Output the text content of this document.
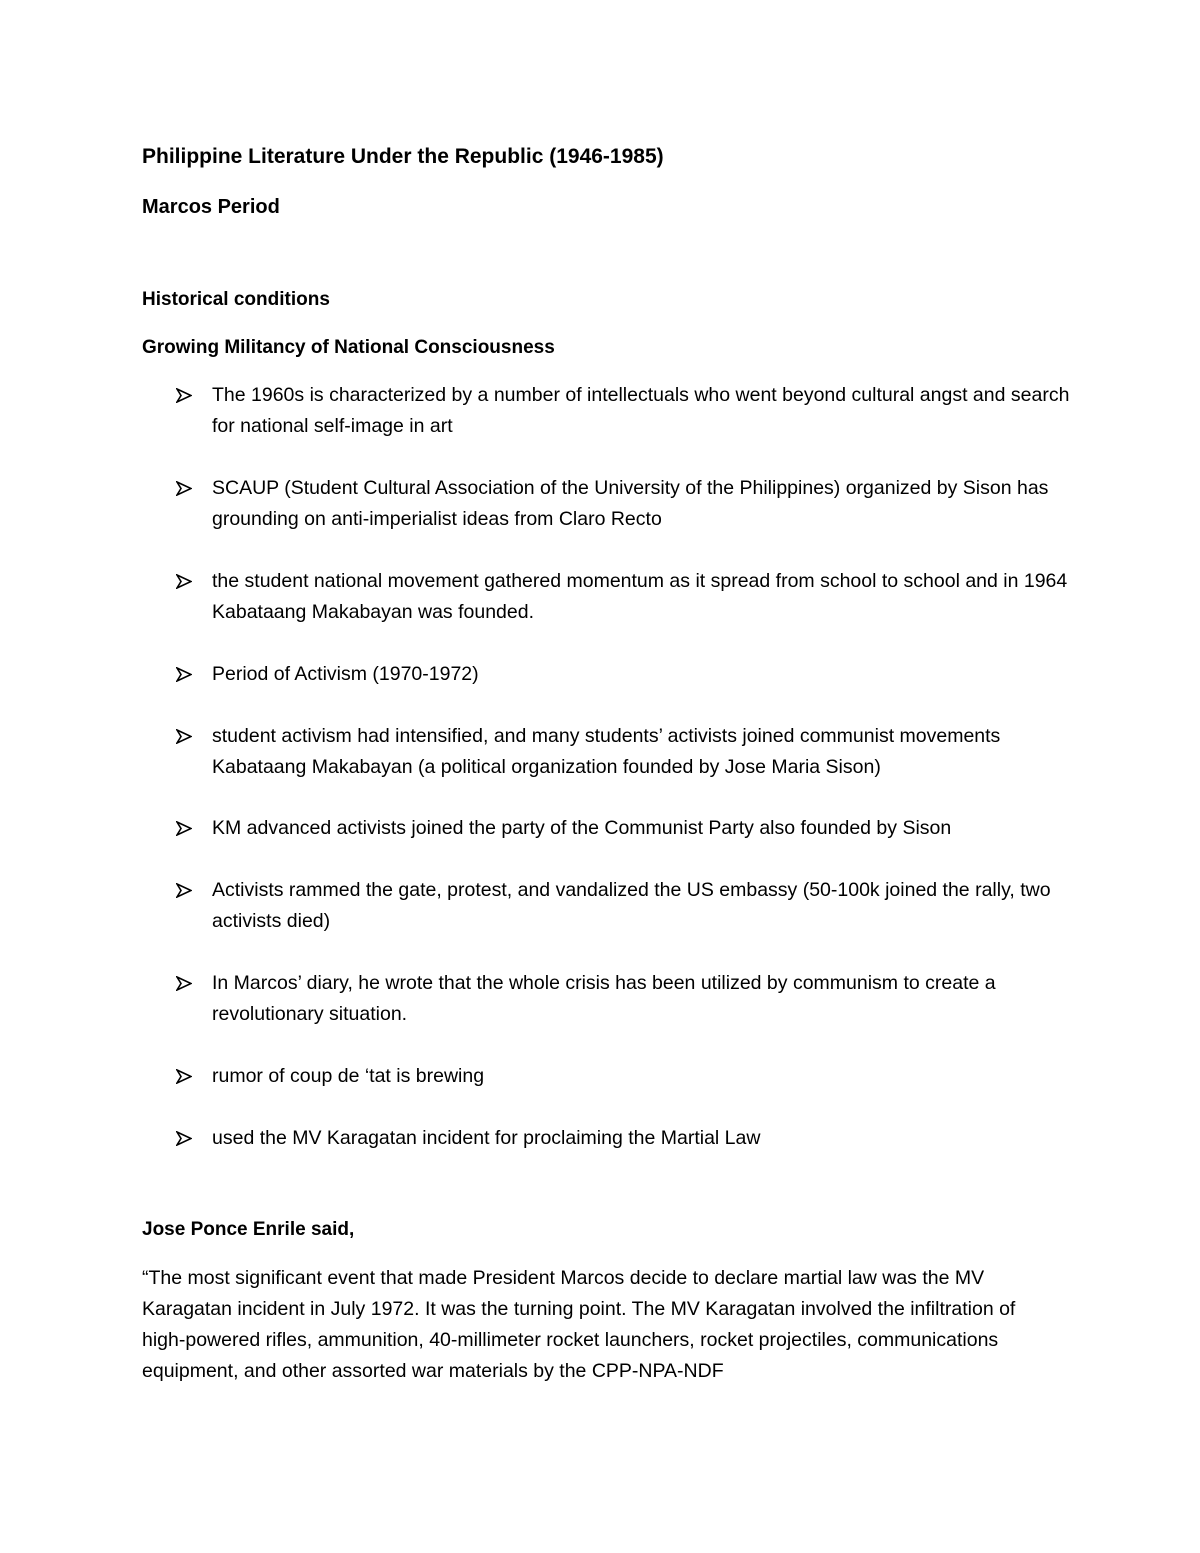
Philippine Literature Under the Republic (1946-1985)
Marcos Period
Historical conditions
Growing Militancy of National Consciousness
The 1960s is characterized by a number of intellectuals who went beyond cultural angst and search for national self-image in art
SCAUP (Student Cultural Association of the University of the Philippines) organized by Sison has grounding on anti-imperialist ideas from Claro Recto
the student national movement gathered momentum as it spread from school to school and in 1964 Kabataang Makabayan was founded.
Period of Activism (1970-1972)
student activism had intensified, and many students’ activists joined communist movements Kabataang Makabayan (a political organization founded by Jose Maria Sison)
KM advanced activists joined the party of the Communist Party also founded by Sison
Activists rammed the gate, protest, and vandalized the US embassy (50-100k joined the rally, two activists died)
In Marcos’ diary, he wrote that the whole crisis has been utilized by communism to create a revolutionary situation.
rumor of coup de ‘tat is brewing
used the MV Karagatan incident for proclaiming the Martial Law
Jose Ponce Enrile said,

“The most significant event that made President Marcos decide to declare martial law was the MV Karagatan incident in July 1972. It was the turning point. The MV Karagatan involved the infiltration of high-powered rifles, ammunition, 40-millimeter rocket launchers, rocket projectiles, communications equipment, and other assorted war materials by the CPP-NPA-NDF
